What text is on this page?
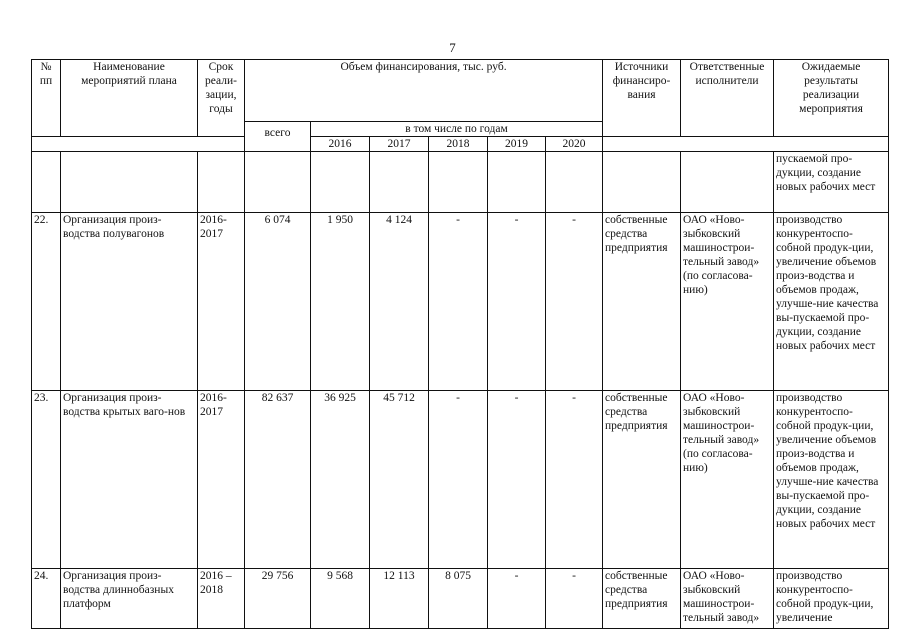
7
№ пп	Наименование мероприятий плана	Срок реали-зации, годы	Объем финансирования, тыс. руб.						Источники финансиро-вания	Ответственные исполнители	Ожидаемые результаты реализации мероприятия
			всего	в том числе по годам							
				2016	2017	2018	2019	2020			
											пускаемой про-дукции, создание новых рабочих мест
22.	Организация произ-водства полувагонов	2016-2017	6 074	1 950	4 124	-	-	-	собственные средства предприятия	ОАО «Ново-зыбковский машинострои-тельный завод» (по согласова-нию)	производство конкурентоспо-собной продук-ции, увеличение объемов произ-водства и объемов продаж, улучше-ние качества вы-пускаемой про-дукции, создание новых рабочих мест
23.	Организация произ-водства крытых ваго-нов	2016-2017	82 637	36 925	45 712	-	-	-	собственные средства предприятия	ОАО «Ново-зыбковский машинострои-тельный завод» (по согласова-нию)	производство конкурентоспо-собной продук-ции, увеличение объемов произ-водства и объемов продаж, улучше-ние качества вы-пускаемой про-дукции, создание новых рабочих мест
24.	Организация произ-водства длиннобазных платформ	2016 – 2018	29 756	9 568	12 113	8 075	-	-	собственные средства предприятия	ОАО «Ново-зыбковский машинострои-тельный завод»	производство конкурентоспо-собной продук-ции, увеличение
